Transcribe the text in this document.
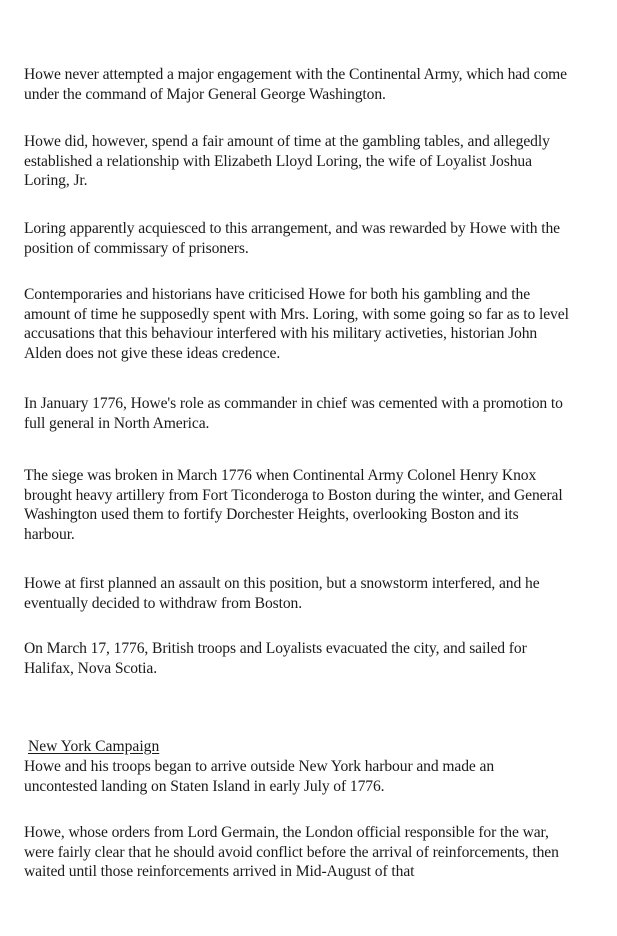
Howe never attempted a major engagement with the Continental Army, which had come
under the command of Major General George Washington.

Howe did, however, spend a fair amount of time at the gambling tables, and allegedly
established a relationship with Elizabeth Lloyd Loring, the wife of Loyalist Joshua
Loring, Jr.

Loring apparently acquiesced to this arrangement, and was rewarded by Howe with the
position of commissary of prisoners.

Contemporaries and historians have criticised Howe for both his gambling and the
amount of time he supposedly spent with Mrs. Loring, with some going so far as to level
accusations that this behaviour interfered with his military activeties, historian John
Alden does not give these ideas credence.

In January 1776, Howe's role as commander in chief was cemented with a promotion to
full general in North America.

The siege was broken in March 1776 when Continental Army Colonel Henry Knox
brought heavy artillery from Fort Ticonderoga to Boston during the winter, and General
Washington used them to fortify Dorchester Heights, overlooking Boston and its
harbour.

Howe at first planned an assault on this position, but a snowstorm interfered, and he
eventually decided to withdraw from Boston.

On March 17, 1776, British troops and Loyalists evacuated the city, and sailed for
Halifax, Nova Scotia.

New York Campaign

Howe and his troops began to arrive outside New York harbour and made an
uncontested landing on Staten Island in early July of 1776.

Howe, whose orders from Lord Germain, the London official responsible for the war,
were fairly clear that he should avoid conflict before the arrival of reinforcements, then
waited until those reinforcements arrived in Mid-August of that
